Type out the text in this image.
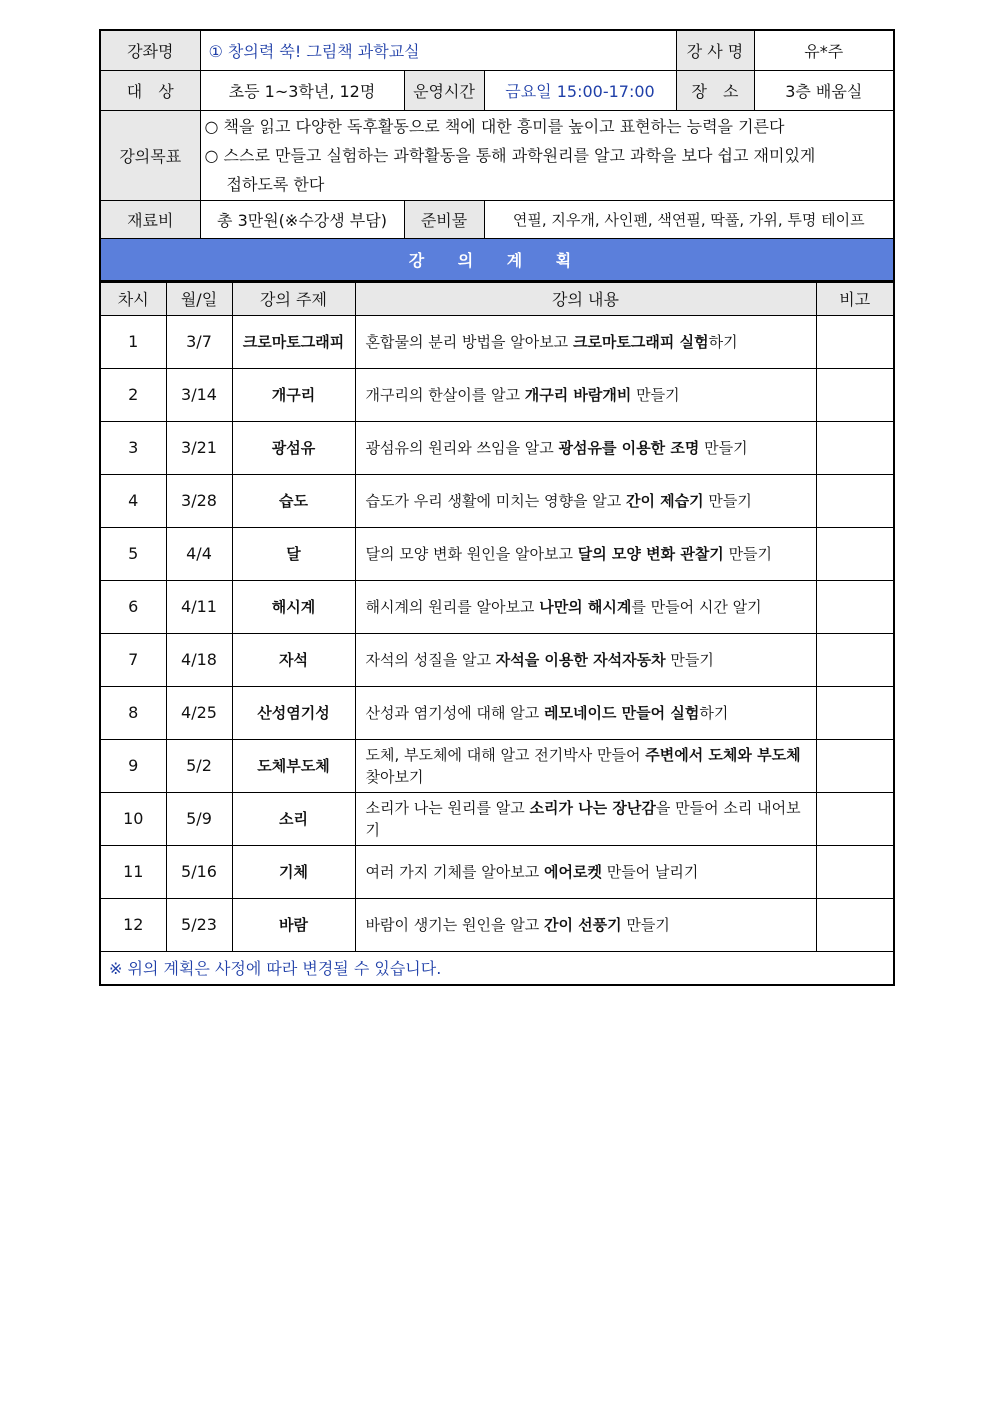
강좌명	① 창의력 쑥! 그림책 과학교실			강 사 명	유*주
대　상	초등 1~3학년, 12명	운영시간	금요일 15:00-17:00	장　소	3층 배움실
강의목표	○ 책을 읽고 다양한 독후활동으로 책에 대한 흥미를 높이고 표현하는 능력을 기른다
○ 스스로 만들고 실험하는 과학활동을 통해 과학원리를 알고 과학을 보다 쉽고 재미있게
접하도록 한다				

재료비	총 3만원(※수강생 부담)	준비물	연필, 지우개, 사인펜, 색연필, 딱풀, 가위, 투명 테이프		
강 의 계 획					
차시	월/일	강의 주제	강의 내용	비고
1	3/7	크로마토그래피	혼합물의 분리 방법을 알아보고 크로마토그래피 실험하기	
2	3/14	개구리	개구리의 한살이를 알고 개구리 바람개비 만들기	
3	3/21	광섬유	광섬유의 원리와 쓰임을 알고 광섬유를 이용한 조명 만들기	
4	3/28	습도	습도가 우리 생활에 미치는 영향을 알고 간이 제습기 만들기	
5	4/4	달	달의 모양 변화 원인을 알아보고 달의 모양 변화 관찰기 만들기	
6	4/11	해시계	해시계의 원리를 알아보고 나만의 해시계를 만들어 시간 알기	
7	4/18	자석	자석의 성질을 알고 자석을 이용한 자석자동차 만들기	
8	4/25	산성염기성	산성과 염기성에 대해 알고 레모네이드 만들어 실험하기	
9	5/2	도체부도체	도체, 부도체에 대해 알고 전기박사 만들어 주변에서 도체와 부도체 찾아보기	
10	5/9	소리	소리가 나는 원리를 알고 소리가 나는 장난감을 만들어 소리 내어보기	
11	5/16	기체	여러 가지 기체를 알아보고 에어로켓 만들어 날리기	
12	5/23	바람	바람이 생기는 원인을 알고 간이 선풍기 만들기	
※ 위의 계획은 사정에 따라 변경될 수 있습니다.				
